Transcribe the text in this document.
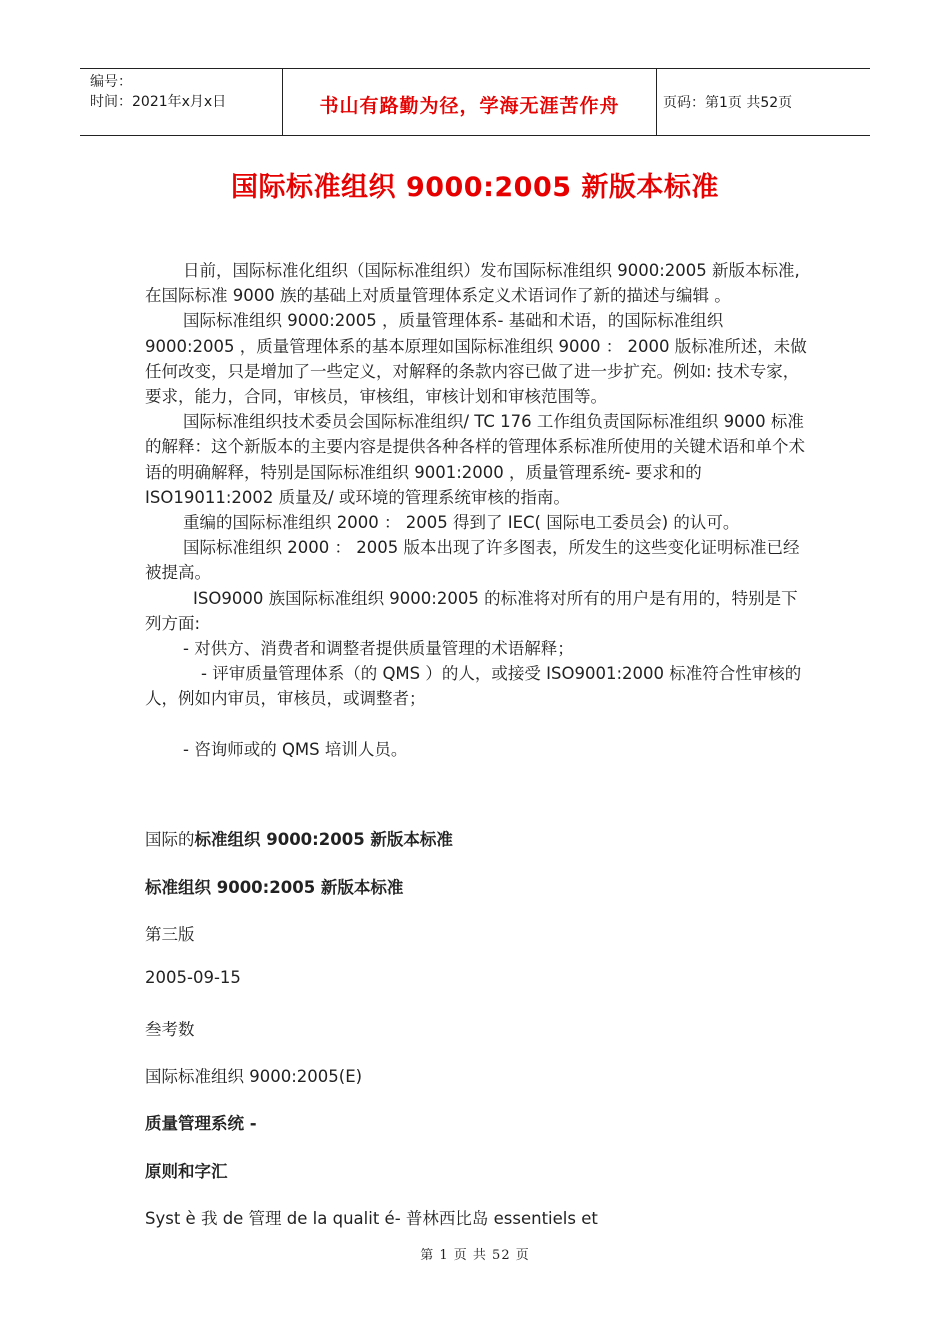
编号：
时间：2021年x月x日	书山有路勤为径，学海无涯苦作舟	页码：第1页 共52页
国际标准组织 9000:2005 新版本标准

日前，国际标准化组织（国际标准组织）发布国际标准组织 9000:2005 新版本标准, 在国际标准 9000 族的基础上对质量管理体系定义术语词作了新的描述与编辑 。

国际标准组织 9000:2005 ，质量管理体系- 基础和术语，的国际标准组织 9000:2005 ，质量管理体系的基本原理如国际标准组织 9000 ： 2000 版标准所述，未做任何改变，只是增加了一些定义，对解释的条款内容已做了进一步扩充。例如: 技术专家，要求，能力，合同，审核员，审核组，审核计划和审核范围等。

国际标准组织技术委员会国际标准组织/ TC 176 工作组负责国际标准组织 9000 标准的解释：这个新版本的主要内容是提供各种各样的管理体系标准所使用的关键术语和单个术语的明确解释，特别是国际标准组织 9001:2000 ，质量管理系统- 要求和的 ISO19011:2002 质量及/ 或环境的管理系统审核的指南。

重编的国际标准组织 2000 ： 2005 得到了 IEC( 国际电工委员会) 的认可。

国际标准组织 2000 ： 2005 版本出现了许多图表，所发生的这些变化证明标准已经被提高。

ISO9000 族国际标准组织 9000:2005 的标准将对所有的用户是有用的，特别是下列方面:

- 对供方、消费者和调整者提供质量管理的术语解释；

- 评审质量管理体系（的 QMS ）的人，或接受 ISO9001:2000 标准符合性审核的人，例如内审员，审核员，或调整者；

- 咨询师或的 QMS 培训人员。

国际的标准组织 9000:2005 新版本标准
标准组织 9000:2005 新版本标准
第三版
2005-09-15
叁考数
国际标准组织 9000:2005(E)
质量管理系统 -
原则和字汇
Syst è 我 de 管理 de la qualit é- 普林西比岛 essentiels et
第 1 页 共 52 页
